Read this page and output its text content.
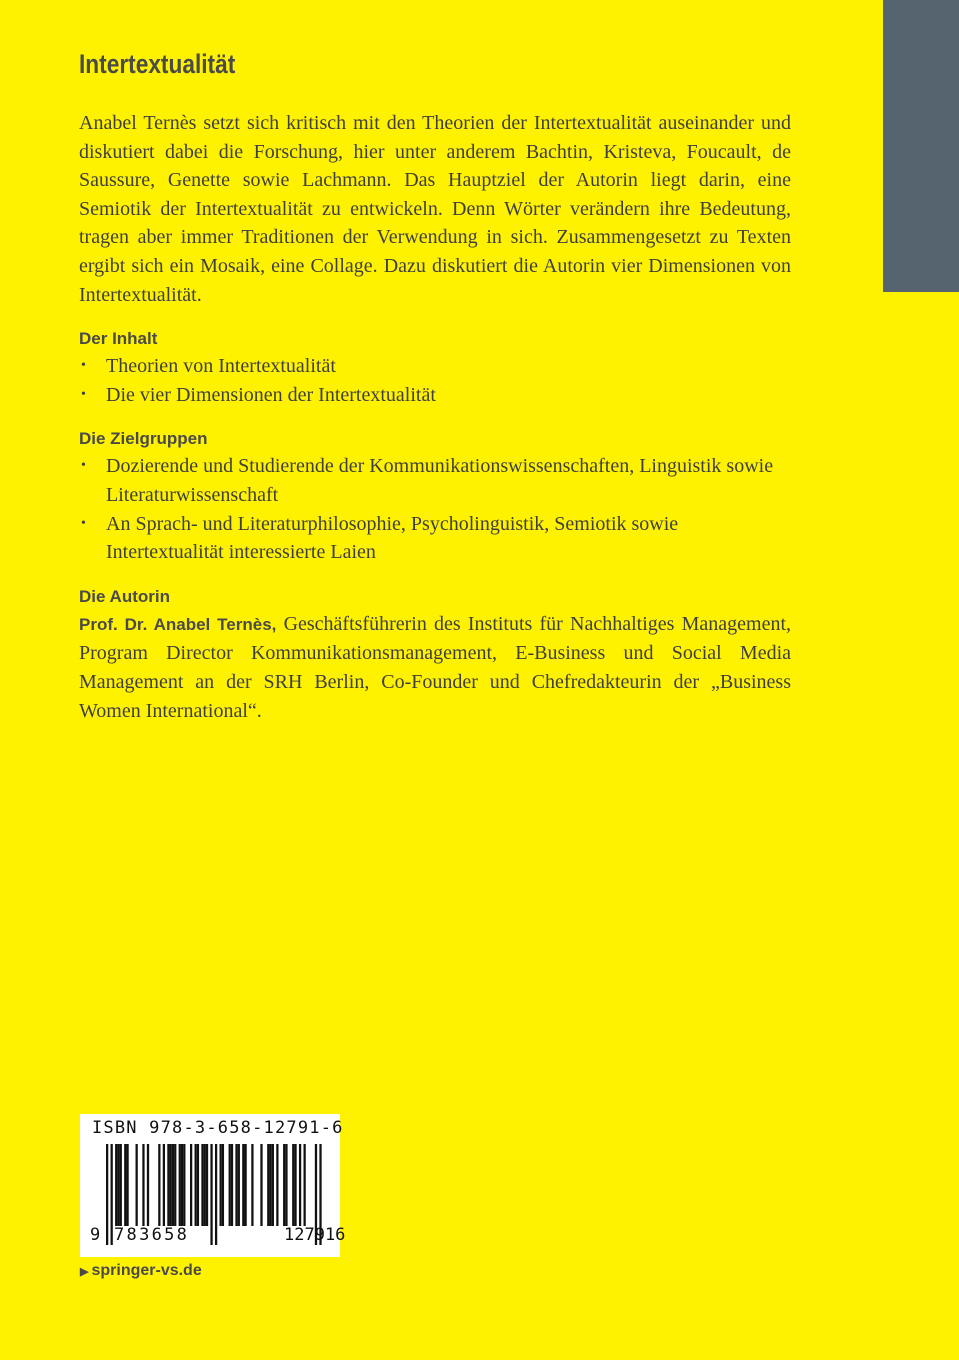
Intertextualität

Anabel Ternès setzt sich kritisch mit den Theorien der Intertextualität auseinander und diskutiert dabei die Forschung, hier unter anderem Bachtin, Kristeva, Foucault, de Saussure, Genette sowie Lachmann. Das Hauptziel der Autorin liegt darin, eine Semiotik der Intertextualität zu entwickeln. Denn Wörter verändern ihre Bedeutung, tragen aber immer Traditionen der Verwendung in sich. Zusammengesetzt zu Texten ergibt sich ein Mosaik, eine Collage. Dazu diskutiert die Autorin vier Dimensionen von Intertextualität.

Der Inhalt
• Theorien von Intertextualität
• Die vier Dimensionen der Intertextualität
Die Zielgruppen
• Dozierende und Studierende der Kommunikationswissenschaften, Linguistik sowie Literaturwissenschaft
• An Sprach- und Literaturphilosophie, Psycholinguistik, Semiotik sowie Intertextualität interessierte Laien
Die Autorin

Prof. Dr. Anabel Ternès, Geschäftsführerin des Instituts für Nachhaltiges Management, Program Director Kommunikationsmanagement, E-Business und Social Media Management an der SRH Berlin, Co-Founder und Chefredakteurin der „Business Women International“.

ISBN 978-3-658-12791-6
9 783658	127916
▶ springer-vs.de
